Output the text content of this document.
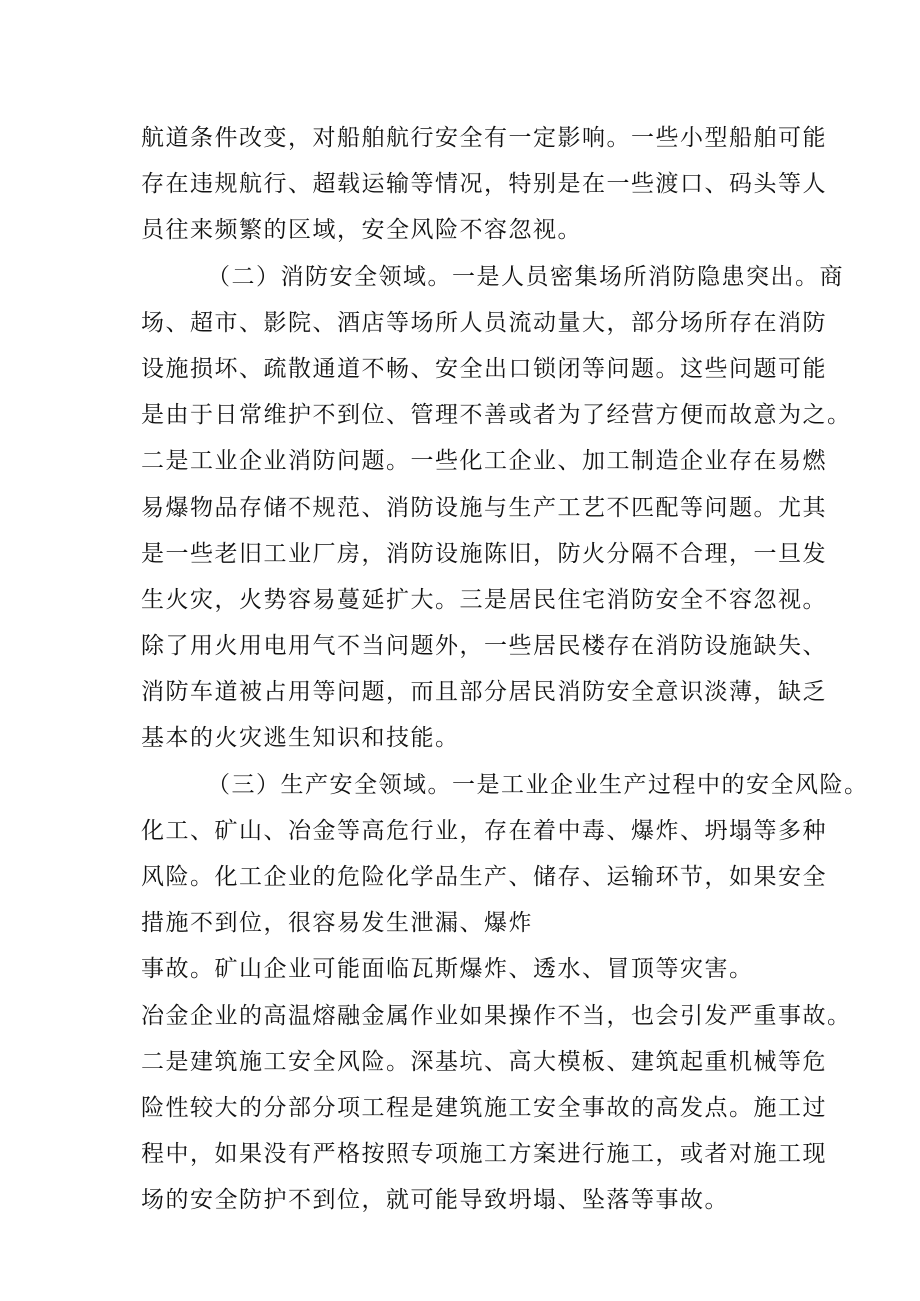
航道条件改变，对船舶航行安全有一定影响。一些小型船舶可能
存在违规航行、超载运输等情况，特别是在一些渡口、码头等人
员往来频繁的区域，安全风险不容忽视。
（二）消防安全领域。一是人员密集场所消防隐患突出。商
场、超市、影院、酒店等场所人员流动量大，部分场所存在消防
设施损坏、疏散通道不畅、安全出口锁闭等问题。这些问题可能
是由于日常维护不到位、管理不善或者为了经营方便而故意为之。
二是工业企业消防问题。一些化工企业、加工制造企业存在易燃
易爆物品存储不规范、消防设施与生产工艺不匹配等问题。尤其
是一些老旧工业厂房，消防设施陈旧，防火分隔不合理，一旦发
生火灾，火势容易蔓延扩大。三是居民住宅消防安全不容忽视。
除了用火用电用气不当问题外，一些居民楼存在消防设施缺失、
消防车道被占用等问题，而且部分居民消防安全意识淡薄，缺乏
基本的火灾逃生知识和技能。
（三）生产安全领域。一是工业企业生产过程中的安全风险。
化工、矿山、冶金等高危行业，存在着中毒、爆炸、坍塌等多种
风险。化工企业的危险化学品生产、储存、运输环节，如果安全
措施不到位，很容易发生泄漏、爆炸
事故。矿山企业可能面临瓦斯爆炸、透水、冒顶等灾害。
冶金企业的高温熔融金属作业如果操作不当，也会引发严重事故。
二是建筑施工安全风险。深基坑、高大模板、建筑起重机械等危
险性较大的分部分项工程是建筑施工安全事故的高发点。施工过
程中，如果没有严格按照专项施工方案进行施工，或者对施工现
场的安全防护不到位，就可能导致坍塌、坠落等事故。
